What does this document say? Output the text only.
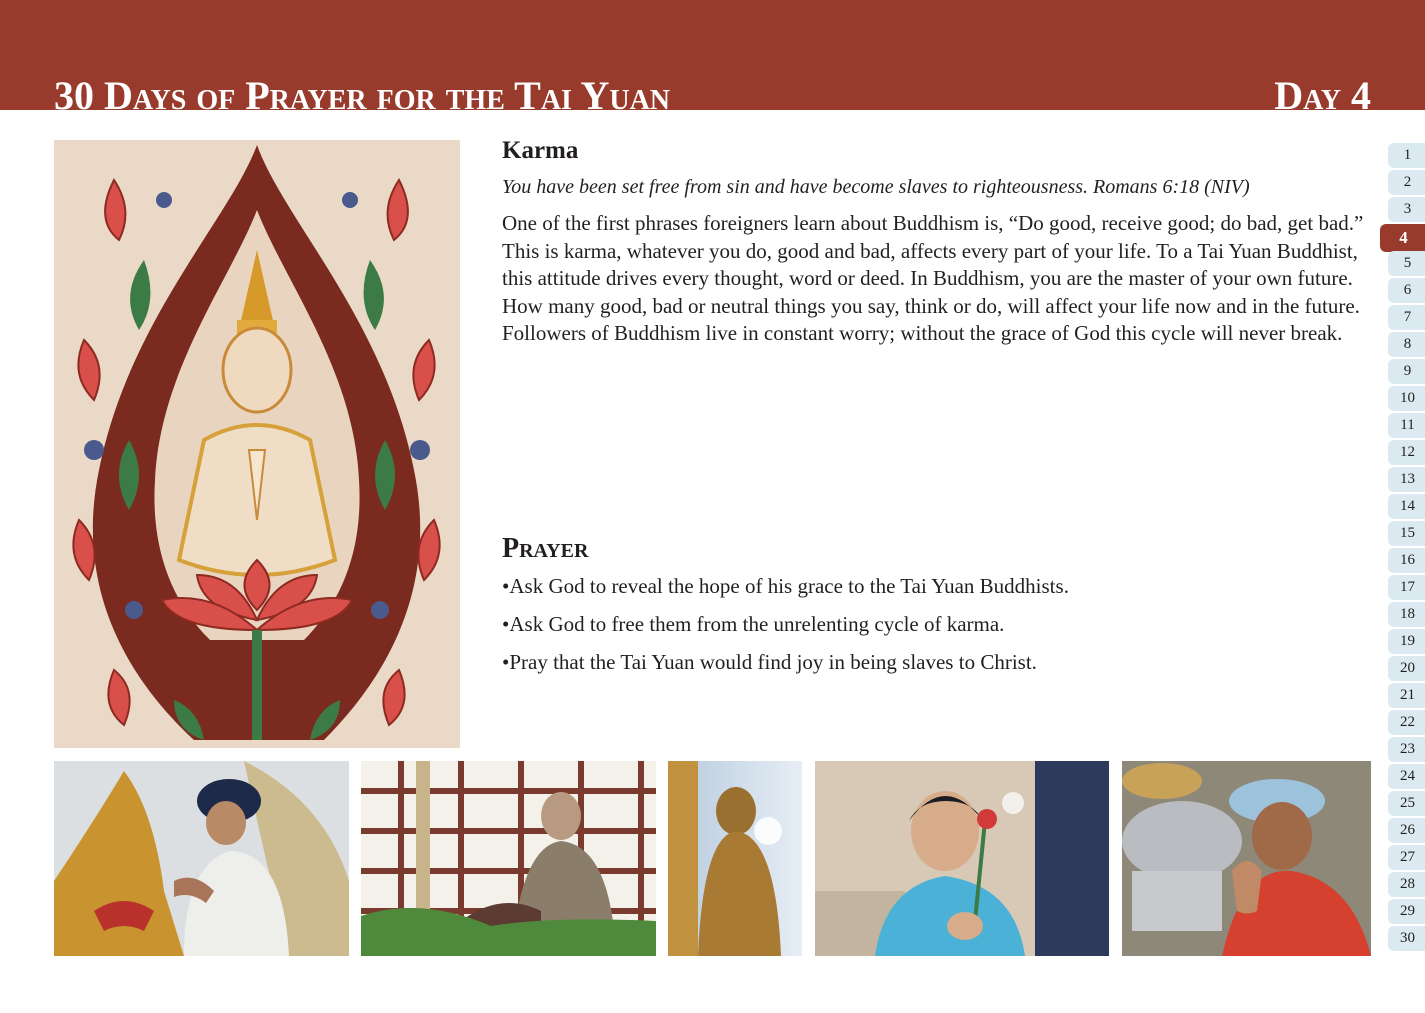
30 Days of Prayer for the Tai Yuan	Day 4
Karma

You have been set free from sin and have become slaves to righteousness. Romans 6:18 (NIV)

One of the first phrases foreigners learn about Buddhism is, “Do good, receive good; do bad, get bad.” This is karma, whatever you do, good and bad, affects every part of your life. To a Tai Yuan Buddhist, this attitude drives every thought, word or deed. In Buddhism, you are the master of your own future. How many good, bad or neutral things you say, think or do, will affect your life now and in the future. Followers of Buddhism live in constant worry; without the grace of God this cycle will never break.

Prayer

•Ask God to reveal the hope of his grace to the Tai Yuan Buddhists.

•Ask God to free them from the unrelenting cycle of karma.

•Pray that the Tai Yuan would find joy in being slaves to Christ.

1
2
3
4
5
6
7
8
9
10
11
12
13
14
15
16
17
18
19
20
21
22
23
24
25
26
27
28
29
30
